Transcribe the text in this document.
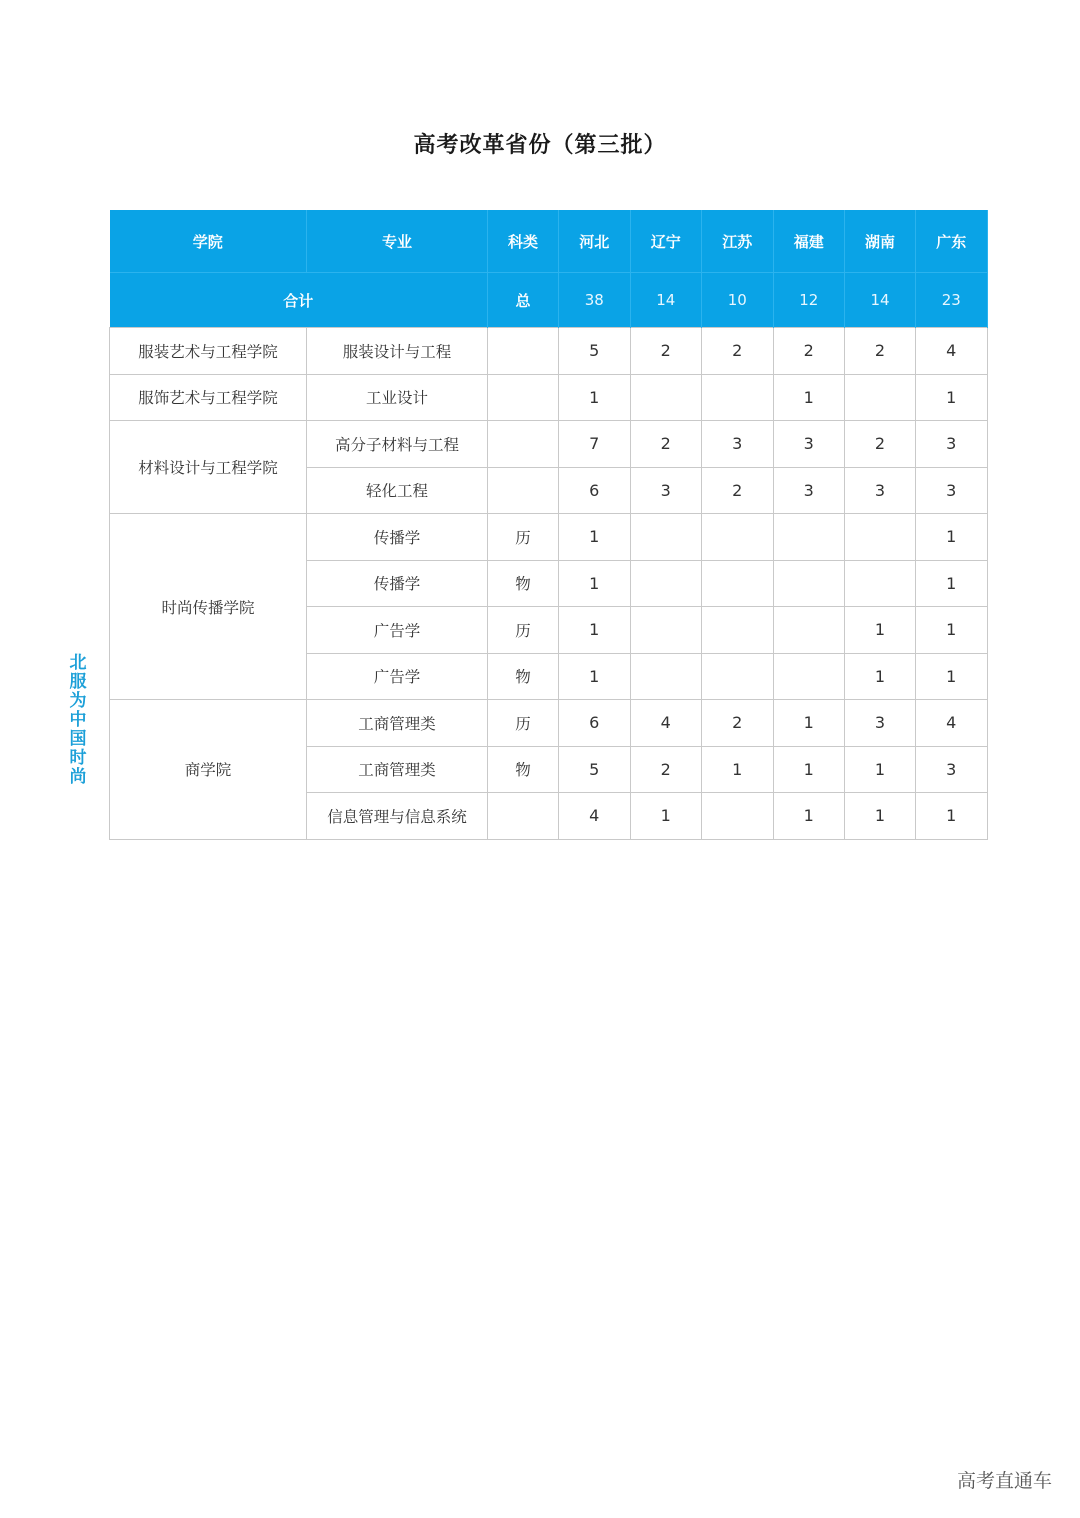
高考改革省份（第三批）
北服为中国时尚
学院	专业	科类	河北	辽宁	江苏	福建	湖南	广东
合计		总	38	14	10	12	14	23
服装艺术与工程学院	服装设计与工程		5	2	2	2	2	4
服饰艺术与工程学院	工业设计		1			1		1
材料设计与工程学院	高分子材料与工程		7	2	3	3	2	3
	轻化工程		6	3	2	3	3	3
时尚传播学院	传播学	历	1					1
	传播学	物	1					1
	广告学	历	1				1	1
	广告学	物	1				1	1
商学院	工商管理类	历	6	4	2	1	3	4
	工商管理类	物	5	2	1	1	1	3
	信息管理与信息系统		4	1		1	1	1
高考直通车
